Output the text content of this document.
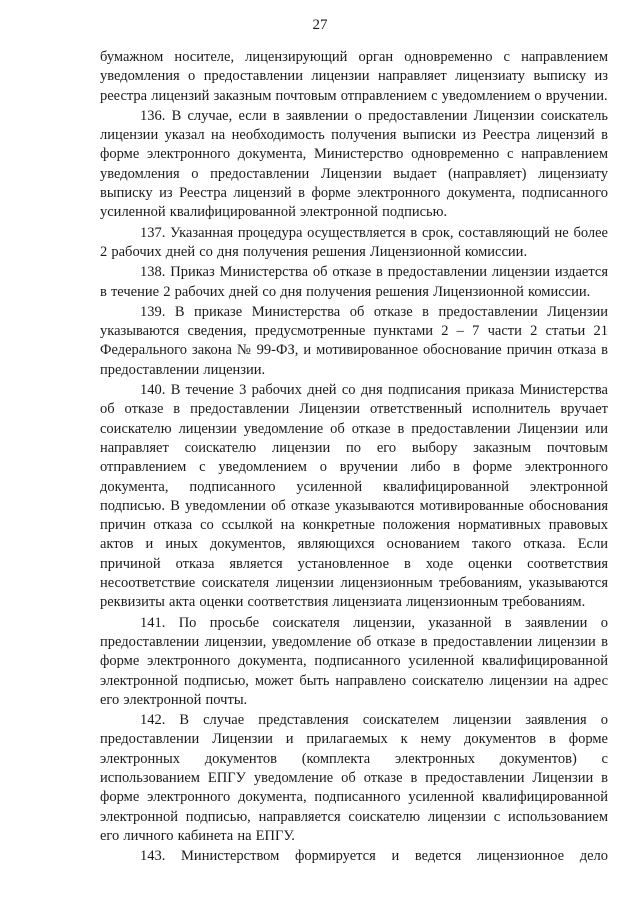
27

бумажном носителе, лицензирующий орган одновременно с направлением уведомления о предоставлении лицензии направляет лицензиату выписку из реестра лицензий заказным почтовым отправлением с уведомлением о вручении.

136. В случае, если в заявлении о предоставлении Лицензии соискатель лицензии указал на необходимость получения выписки из Реестра лицензий в форме электронного документа, Министерство одновременно с направлением уведомления о предоставлении Лицензии выдает (направляет) лицензиату выписку из Реестра лицензий в форме электронного документа, подписанного усиленной квалифицированной электронной подписью.

137. Указанная процедура осуществляется в срок, составляющий не более 2 рабочих дней со дня получения решения Лицензионной комиссии.

138. Приказ Министерства об отказе в предоставлении лицензии издается в течение 2 рабочих дней со дня получения решения Лицензионной комиссии.

139. В приказе Министерства об отказе в предоставлении Лицензии указываются сведения, предусмотренные пунктами 2 – 7 части 2 статьи 21 Федерального закона № 99-ФЗ, и мотивированное обоснование причин отказа в предоставлении лицензии.

140. В течение 3 рабочих дней со дня подписания приказа Министерства об отказе в предоставлении Лицензии ответственный исполнитель вручает соискателю лицензии уведомление об отказе в предоставлении Лицензии или направляет соискателю лицензии по его выбору заказным почтовым отправлением с уведомлением о вручении либо в форме электронного документа, подписанного усиленной квалифицированной электронной подписью. В уведомлении об отказе указываются мотивированные обоснования причин отказа со ссылкой на конкретные положения нормативных правовых актов и иных документов, являющихся основанием такого отказа. Если причиной отказа является установленное в ходе оценки соответствия несоответствие соискателя лицензии лицензионным требованиям, указываются реквизиты акта оценки соответствия лицензиата лицензионным требованиям.

141. По просьбе соискателя лицензии, указанной в заявлении о предоставлении лицензии, уведомление об отказе в предоставлении лицензии в форме электронного документа, подписанного усиленной квалифицированной электронной подписью, может быть направлено соискателю лицензии на адрес его электронной почты.

142. В случае представления соискателем лицензии заявления о предоставлении Лицензии и прилагаемых к нему документов в форме электронных документов (комплекта электронных документов) с использованием ЕПГУ уведомление об отказе в предоставлении Лицензии в форме электронного документа, подписанного усиленной квалифицированной электронной подписью, направляется соискателю лицензии с использованием его личного кабинета на ЕПГУ.

143. Министерством формируется и ведется лицензионное дело
